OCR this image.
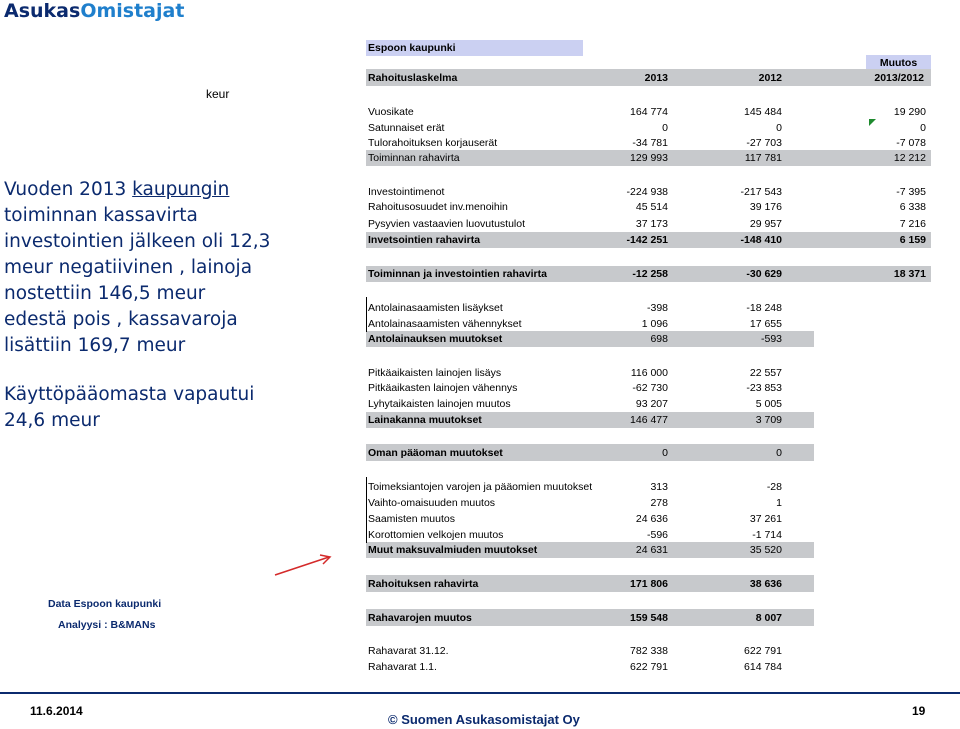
AsukasOmistajat
keur
Vuoden 2013 kaupungin
toiminnan kassavirta
investointien jälkeen oli 12,3
meur negatiivinen , lainoja
nostettiin 146,5 meur
edestä pois , kassavaroja
lisättiin 169,7 meur
Käyttöpääomasta vapautui
24,6 meur
Data Espoon kaupunki
Analyysi : B&MANs
Espoon kaupunki
Muutos
Rahoituslaskelma	2013	2012	2013/2012
Vuosikate	164 774	145 484	19 290
Satunnaiset erät	0	0	0
Tulorahoituksen korjauserät	-34 781	-27 703	-7 078
Toiminnan rahavirta	129 993	117 781	12 212
Investointimenot	-224 938	-217 543	-7 395
Rahoitusosuudet inv.menoihin	45 514	39 176	6 338
Pysyvien vastaavien luovutustulot	37 173	29 957	7 216
Invetsointien rahavirta	-142 251	-148 410	6 159
Toiminnan ja investointien rahavirta	-12 258	-30 629	18 371
Antolainasaamisten lisäykset	-398	-18 248
Antolainasaamisten vähennykset	1 096	17 655
Antolainauksen muutokset	698	-593
Pitkäaikaisten lainojen lisäys	116 000	22 557
Pitkäaikasten lainojen vähennys	-62 730	-23 853
Lyhytaikaisten lainojen muutos	93 207	5 005
Lainakanna muutokset	146 477	3 709
Oman pääoman muutokset	0	0
Toimeksiantojen varojen ja pääomien muutokset	313	-28
Vaihto-omaisuuden muutos	278	1
Saamisten muutos	24 636	37 261
Korottomien velkojen muutos	-596	-1 714
Muut maksuvalmiuden muutokset	24 631	35 520
Rahoituksen rahavirta	171 806	38 636
Rahavarojen muutos	159 548	8 007
Rahavarat 31.12.	782 338	622 791
Rahavarat 1.1.	622 791	614 784
11.6.2014
© Suomen Asukasomistajat Oy
19
